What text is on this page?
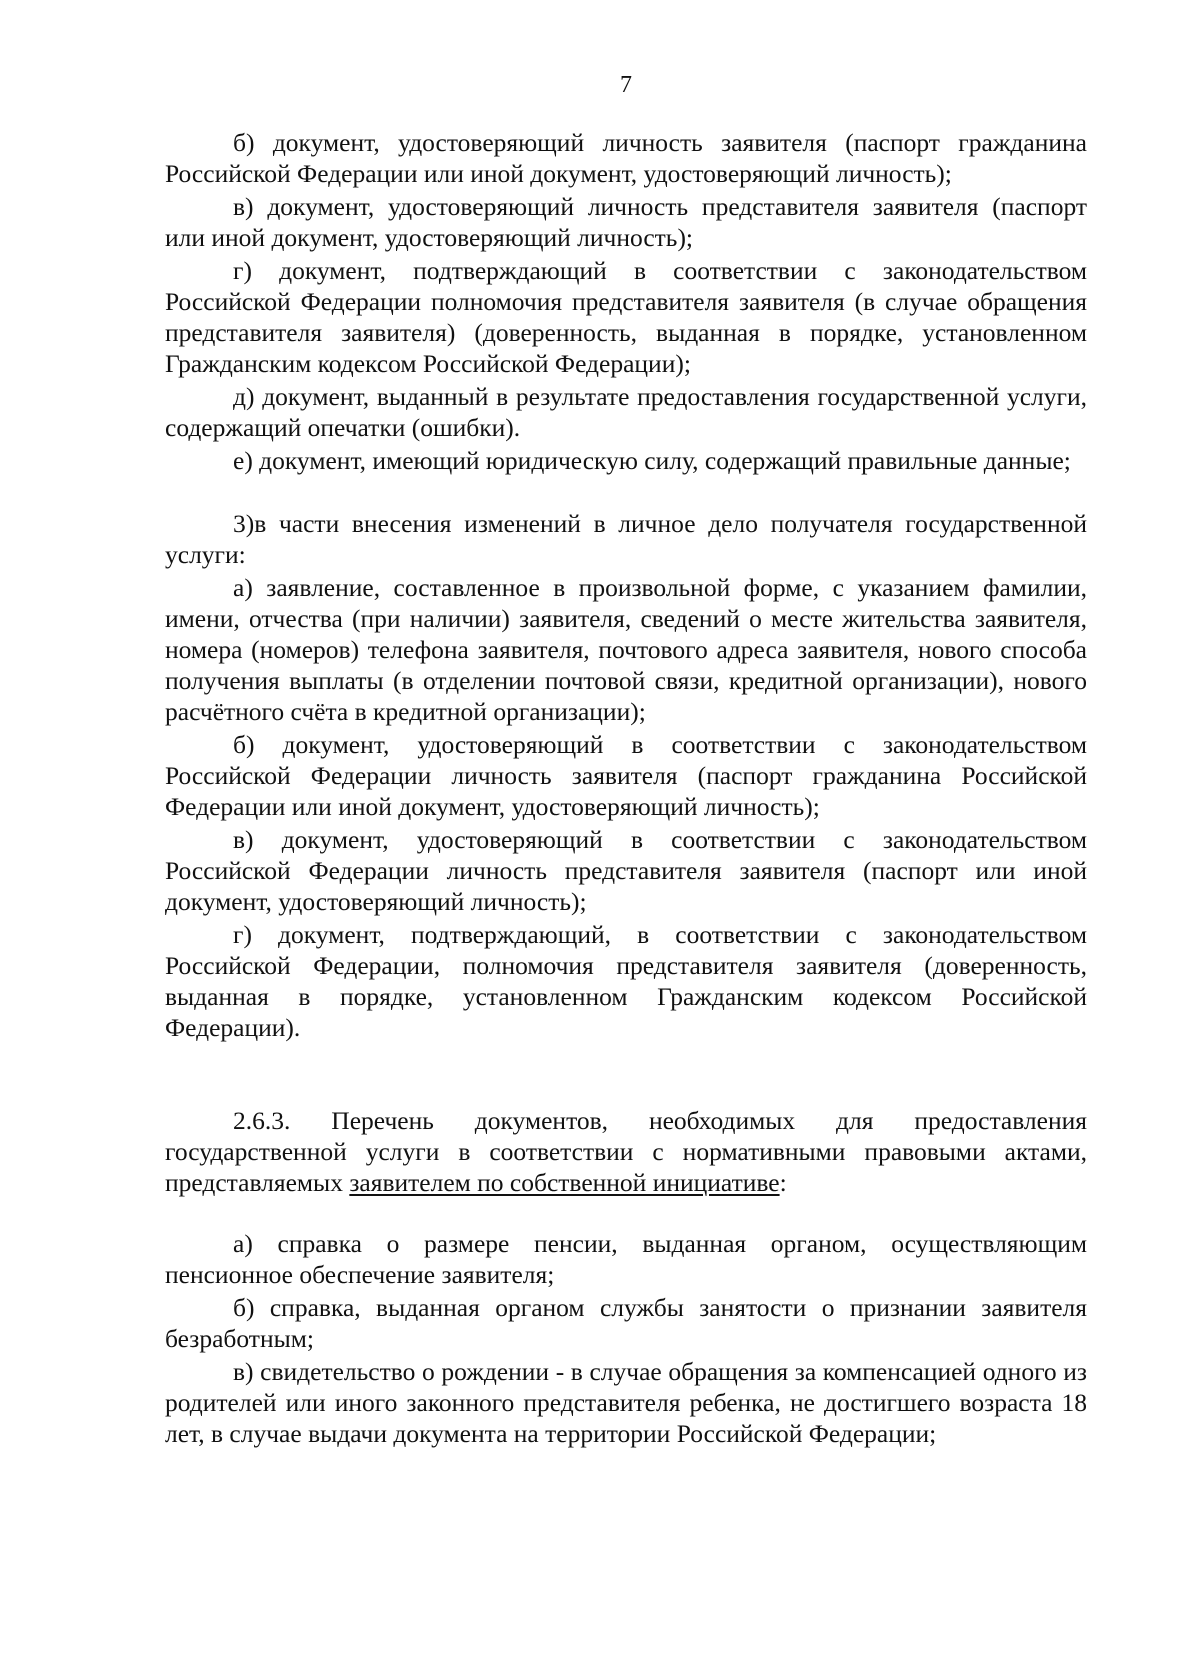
7

б) документ, удостоверяющий личность заявителя (паспорт гражданина Российской Федерации или иной документ, удостоверяющий личность);

в) документ, удостоверяющий личность представителя заявителя (паспорт или иной документ, удостоверяющий личность);

г) документ, подтверждающий в соответствии с законодательством Российской Федерации полномочия представителя заявителя (в случае обращения представителя заявителя) (доверенность, выданная в порядке, установленном Гражданским кодексом Российской Федерации);

д) документ, выданный в результате предоставления государственной услуги, содержащий опечатки (ошибки).

е) документ, имеющий юридическую силу, содержащий правильные данные;

3)в части внесения изменений в личное дело получателя государственной услуги:

а) заявление, составленное в произвольной форме, с указанием фамилии, имени, отчества (при наличии) заявителя, сведений о месте жительства заявителя, номера (номеров) телефона заявителя, почтового адреса заявителя, нового способа получения выплаты (в отделении почтовой связи, кредитной организации), нового расчётного счёта в кредитной организации);

б) документ, удостоверяющий в соответствии с законодательством Российской Федерации личность заявителя (паспорт гражданина Российской Федерации или иной документ, удостоверяющий личность);

в) документ, удостоверяющий в соответствии с законодательством Российской Федерации личность представителя заявителя (паспорт или иной документ, удостоверяющий личность);

г) документ, подтверждающий, в соответствии с законодательством Российской Федерации, полномочия представителя заявителя (доверенность, выданная в порядке, установленном Гражданским кодексом Российской Федерации).

2.6.3. Перечень документов, необходимых для предоставления государственной услуги в соответствии с нормативными правовыми актами, представляемых заявителем по собственной инициативе:

а) справка о размере пенсии, выданная органом, осуществляющим пенсионное обеспечение заявителя;

б) справка, выданная органом службы занятости о признании заявителя безработным;

в) свидетельство о рождении - в случае обращения за компенсацией одного из родителей или иного законного представителя ребенка, не достигшего возраста 18 лет, в случае выдачи документа на территории Российской Федерации;
